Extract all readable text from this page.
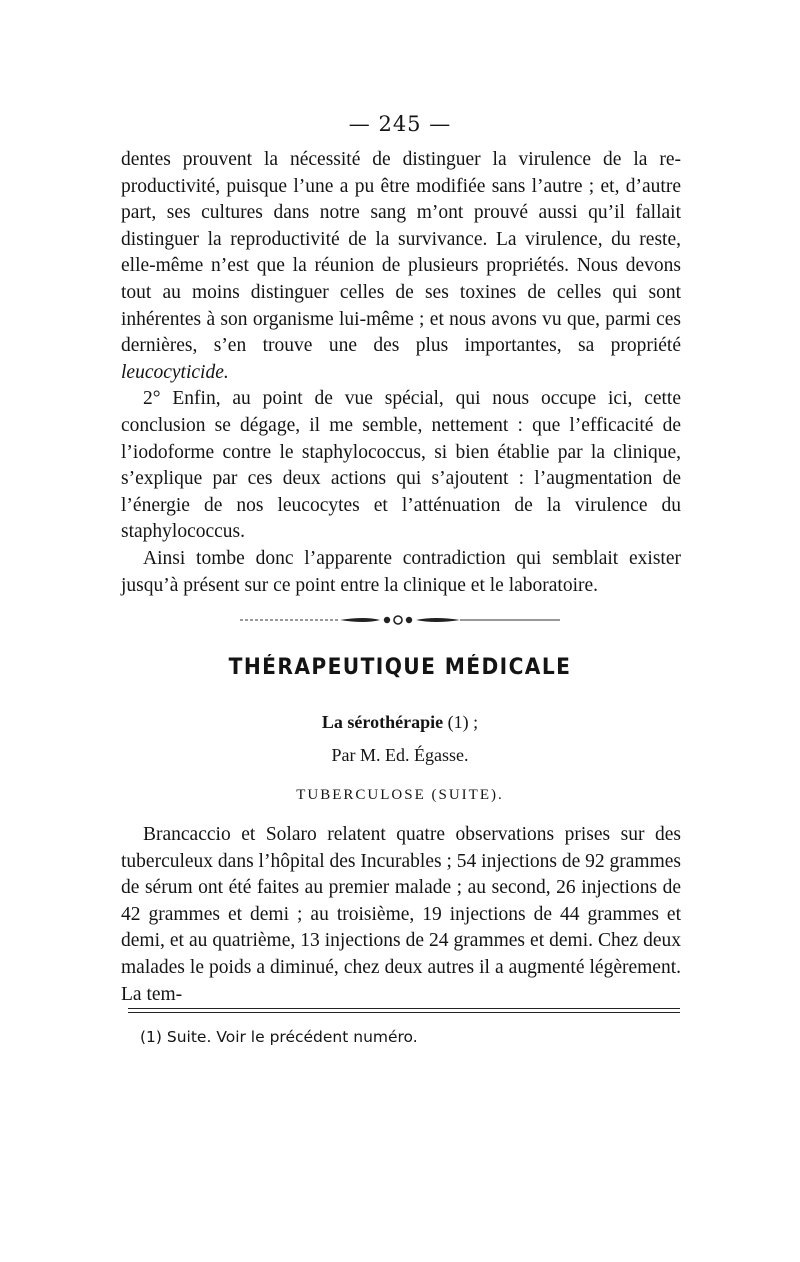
— 245 —

dentes prouvent la nécessité de distinguer la virulence de la reproductivité, puisque l’une a pu être modifiée sans l’autre ; et, d’autre part, ses cultures dans notre sang m’ont prouvé aussi qu’il fallait distinguer la reproductivité de la survivance. La virulence, du reste, elle-même n’est que la réunion de plusieurs propriétés. Nous devons tout au moins distinguer celles de ses toxines de celles qui sont inhérentes à son organisme lui-même ; et nous avons vu que, parmi ces dernières, s’en trouve une des plus importantes, sa propriété leucocyticide.

2° Enfin, au point de vue spécial, qui nous occupe ici, cette conclusion se dégage, il me semble, nettement : que l’efficacité de l’iodoforme contre le staphylococcus, si bien établie par la clinique, s’explique par ces deux actions qui s’ajoutent : l’augmentation de l’énergie de nos leucocytes et l’atténuation de la virulence du staphylococcus.

Ainsi tombe donc l’apparente contradiction qui semblait exister jusqu’à présent sur ce point entre la clinique et le laboratoire.

THÉRAPEUTIQUE MÉDICALE
La sérothérapie (1) ;
Par M. Ed. Égasse.
TUBERCULOSE (SUITE).

Brancaccio et Solaro relatent quatre observations prises sur des tuberculeux dans l’hôpital des Incurables ; 54 injections de 92 grammes de sérum ont été faites au premier malade ; au second, 26 injections de 42 grammes et demi ; au troisième, 19 injections de 44 grammes et demi, et au quatrième, 13 injections de 24 grammes et demi. Chez deux malades le poids a diminué, chez deux autres il a augmenté légèrement. La tem-

(1) Suite. Voir le précédent numéro.
